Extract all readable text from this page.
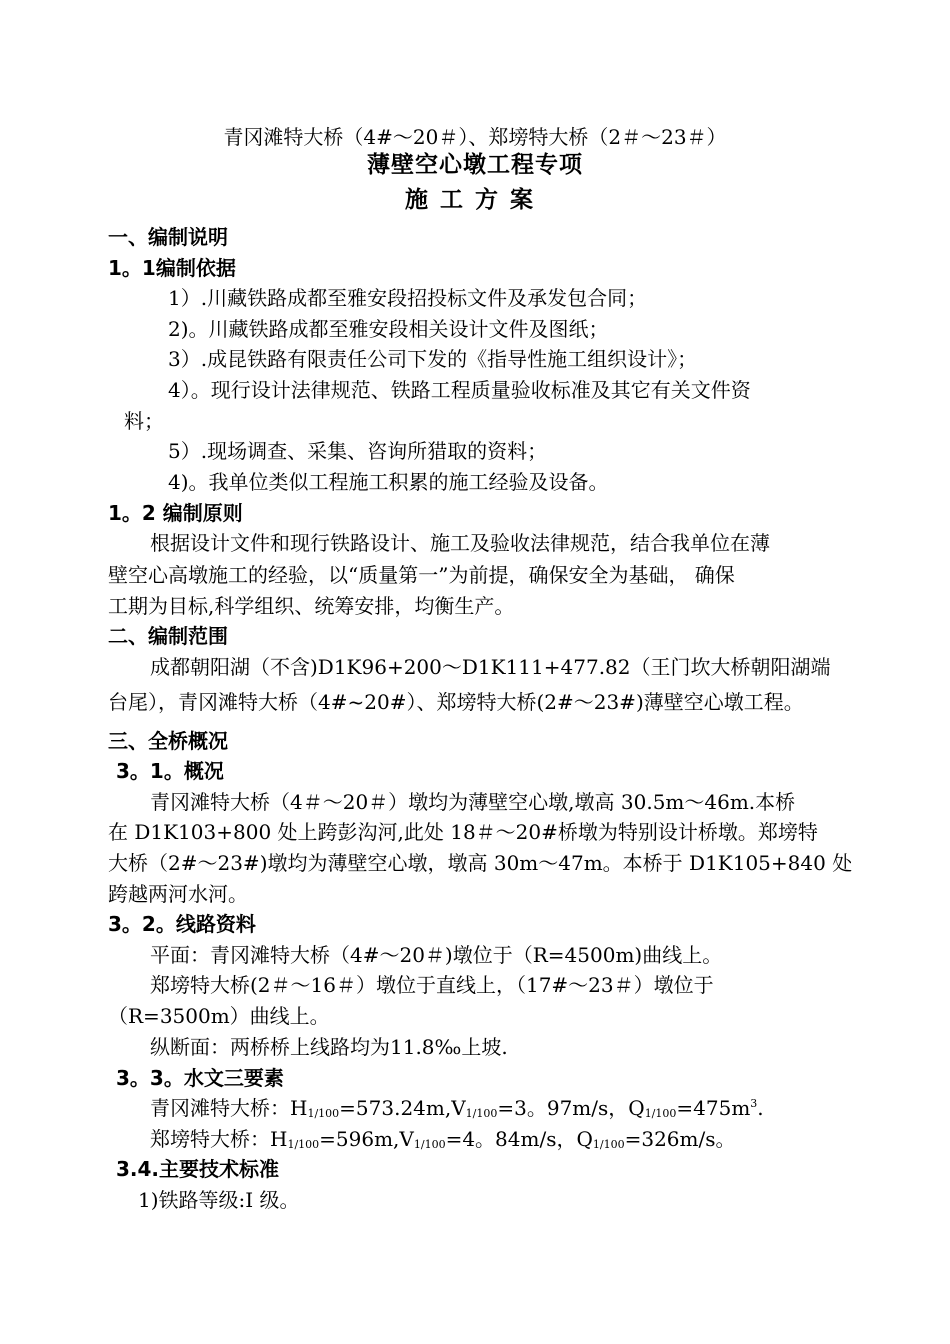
青冈滩特大桥（4#～20＃）、郑塝特大桥（2＃～23＃）
薄壁空心墩工程专项
施工方案
一、编制说明
1。1编制依据
1）.川藏铁路成都至雅安段招投标文件及承发包合同；
2)。川藏铁路成都至雅安段相关设计文件及图纸；
3）.成昆铁路有限责任公司下发的《指导性施工组织设计》；
4）。现行设计法律规范、铁路工程质量验收标准及其它有关文件资
料；
5）.现场调查、采集、咨询所猎取的资料；
4)。我单位类似工程施工积累的施工经验及设备。
1。2 编制原则
根据设计文件和现行铁路设计、施工及验收法律规范，结合我单位在薄
壁空心高墩施工的经验，以“质量第一”为前提，确保安全为基础， 确保
工期为目标,科学组织、统筹安排，均衡生产。
二、编制范围
成都朝阳湖（不含)D1K96+200～D1K111+477.82（王门坎大桥朝阳湖端
台尾），青冈滩特大桥（4#~20#）、郑塝特大桥(2#～23#)薄壁空心墩工程。
三、全桥概况
3。1。概况
青冈滩特大桥（4＃～20＃）墩均为薄壁空心墩,墩高 30.5m～46m.本桥
在 D1K103+800 处上跨彭沟河,此处 18＃～20#桥墩为特别设计桥墩。郑塝特
大桥（2#～23#)墩均为薄壁空心墩，墩高 30m～47m。本桥于 D1K105+840 处
跨越两河水河。
3。2。线路资料
平面：青冈滩特大桥（4#～20＃)墩位于（R=4500m)曲线上。
郑塝特大桥(2＃～16＃）墩位于直线上，（17#～23＃）墩位于
（R=3500m）曲线上。
纵断面：两桥桥上线路均为11.8‰上坡.
3。3。水文三要素
青冈滩特大桥：$H_{1/100}=573.24m,V_{1/100}=3$。97m/s，$Q_{1/100}=475m^3$.
郑塝特大桥：$H_{1/100}=596m,V_{1/100}=4$。84m/s，$Q_{1/100}=326m/s$。
3.4.主要技术标准
1)铁路等级:Ⅰ 级。
